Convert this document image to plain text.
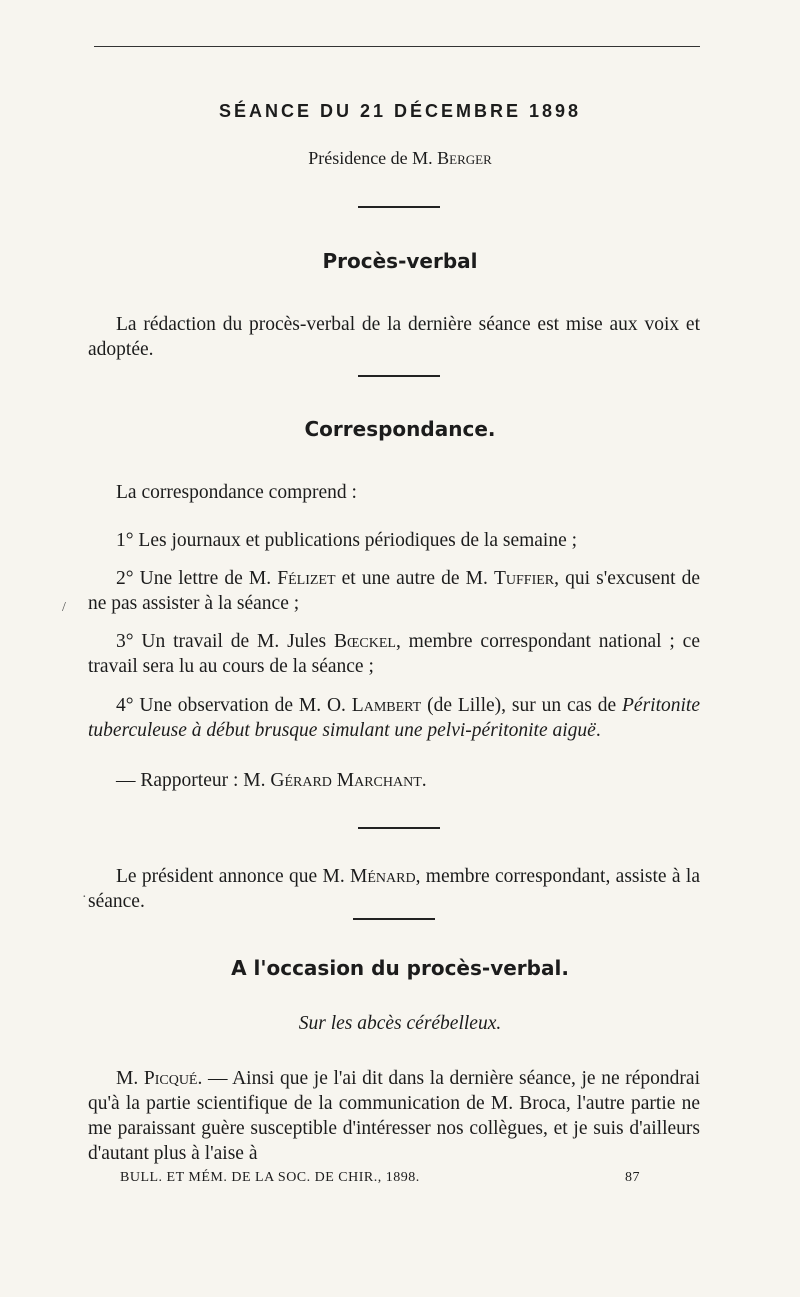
SÉANCE DU 21 DÉCEMBRE 1898
Présidence de M. Berger
Procès-verbal
La rédaction du procès-verbal de la dernière séance est mise aux voix et adoptée.
Correspondance.
La correspondance comprend :
1° Les journaux et publications périodiques de la semaine ;
2° Une lettre de M. Félizet et une autre de M. Tuffier, qui s'excusent de ne pas assister à la séance ;
3° Un travail de M. Jules Bœckel, membre correspondant national ; ce travail sera lu au cours de la séance ;
4° Une observation de M. O. Lambert (de Lille), sur un cas de Péritonite tuberculeuse à début brusque simulant une pelvi-péritonite aiguë.
— Rapporteur : M. Gérard Marchant.
Le président annonce que M. Ménard, membre correspondant, assiste à la séance.
A l'occasion du procès-verbal.
Sur les abcès cérébelleux.
M. Picqué. — Ainsi que je l'ai dit dans la dernière séance, je ne répondrai qu'à la partie scientifique de la communication de M. Broca, l'autre partie ne me paraissant guère susceptible d'intéresser nos collègues, et je suis d'ailleurs d'autant plus à l'aise à
BULL. ET MÉM. DE LA SOC. DE CHIR., 1898.	87
/
·
